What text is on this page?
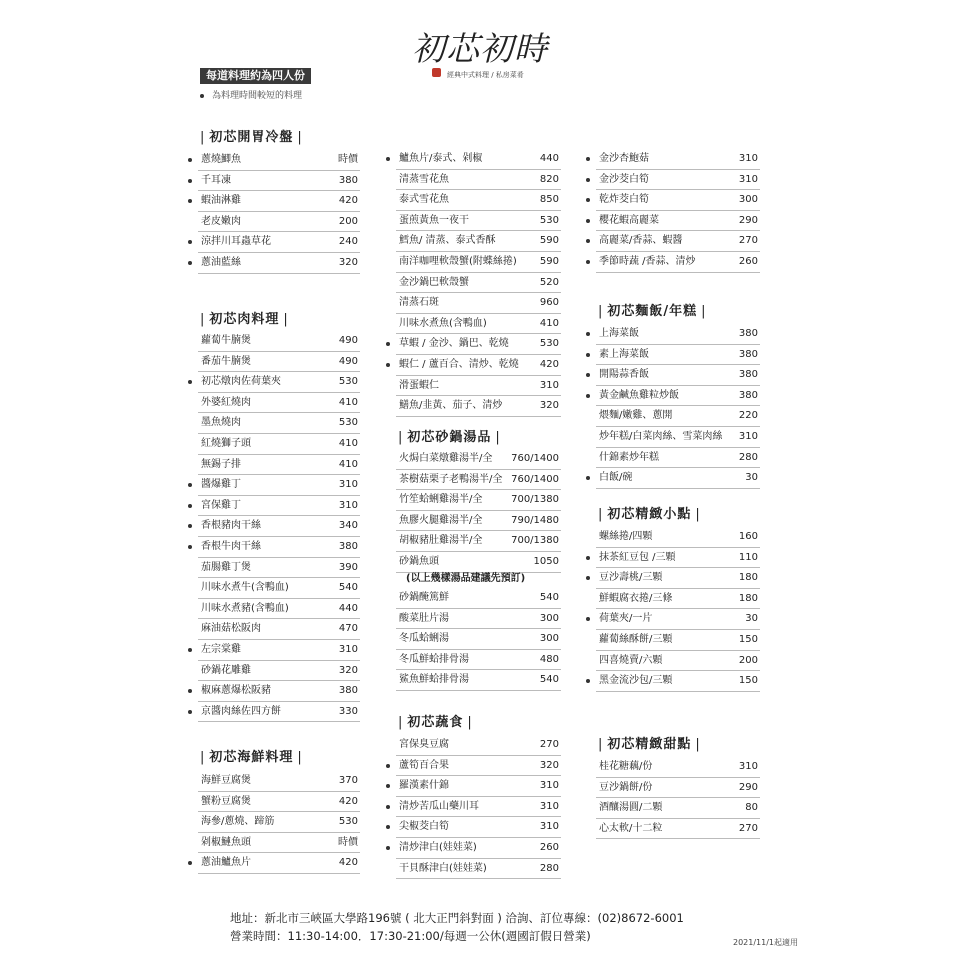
初芯初時
經典中式料理 / 私房菜肴
每道料理約為四人份
為料理時間較短的料理
| 初芯開胃冷盤 |
蔥燒鯽魚	時價
千耳凍	380
蝦油淋雞	420
老皮嫩肉	200
涼拌川耳蟲草花	240
蔥油藍絲	320
| 初芯肉料理 |
蘿蔔牛腩煲	490
番茄牛腩煲	490
初芯燉肉佐荷葉夾	530
外婆紅燒肉	410
墨魚燒肉	530
紅燒獅子頭	410
無錫子排	410
醬爆雞丁	310
宮保雞丁	310
香根豬肉干絲	340
香根牛肉干絲	380
茄腸雞丁煲	390
川味水煮牛(含鴨血)	540
川味水煮豬(含鴨血)	440
麻油菇松阪肉	470
左宗棠雞	310
砂鍋花雕雞	320
椒麻蔥爆松阪豬	380
京醬肉絲佐四方餅	330
| 初芯海鮮料理 |
海鮮豆腐煲	370
蟹粉豆腐煲	420
海參/蔥燒、蹄筋	530
剁椒鰱魚頭	時價
蔥油鱸魚片	420
鱸魚片/泰式、剁椒	440
清蒸雪花魚	820
泰式雪花魚	850
蛋煎黃魚一夜干	530
鱈魚/ 清蒸、泰式香酥	590
南洋咖哩軟殼蟹(附蝶絲捲) 590
金沙鍋巴軟殼蟹	520
清蒸石斑	960
川味水煮魚(含鴨血)	410
草蝦 / 金沙、鍋巴、乾燒	530
蝦仁 / 蘆百合、清炒、乾燒 420
滑蛋蝦仁	310
鱔魚/韭黃、茄子、清炒	320
| 初芯砂鍋湯品 |
火焗白菜燉雞湯半/全 760/1400
茶樹菇栗子老鴨湯半/全 760/1400
竹笙蛤蜊雞湯半/全	700/1380
魚膠火腿雞湯半/全	790/1480
胡椒豬肚雞湯半/全	700/1380
砂鍋魚頭	1050
(以上幾樣湯品建議先預訂)
砂鍋醃篤鮮	540
酸菜肚片湯	300
冬瓜蛤蜊湯	300
冬瓜鮮蛤排骨湯	480
鯊魚鮮蛤排骨湯	540
| 初芯蔬食 |
宮保臭豆腐	270
蘆筍百合果	320
羅漢素什錦	310
清炒苦瓜山藥川耳	310
尖椒茭白筍	310
清炒津白(娃娃菜)	260
干貝酥津白(娃娃菜)	280
金沙杏鮑菇	310
金沙茭白筍	310
乾炸茭白筍	300
櫻花蝦高麗菜	290
高麗菜/香蒜、蝦醬	270
季節時蔬 /香蒜、清炒	260
| 初芯麵飯/年糕 |
上海菜飯	380
素上海菜飯	380
開陽蒜香飯	380
黃金鹹魚雞粒炒飯	380
煨麵/嫩雞、蔥開	220
炒年糕/白菜肉絲、雪菜肉絲 310
什錦素炒年糕	280
白飯/碗	30
| 初芯精緻小點 |
螺絲捲/四顆	160
抹茶紅豆包 /三顆	110
豆沙壽桃/三顆	180
鮮蝦腐衣捲/三條	180
荷葉夾/一片	30
蘿蔔絲酥餅/三顆	150
四喜燒賣/六顆	200
黑金流沙包/三顆	150
| 初芯精緻甜點 |
桂花糖藕/份	310
豆沙鍋餅/份	290
酒釀湯圓/二顆	80
心太軟/十二粒	270
地址：新北市三峽區大學路196號 ( 北大正門斜對面 ) 洽詢、訂位專線：(02)8672-6001
營業時間：11:30-14:00．17:30-21:00/每週一公休(週國訂假日營業)	2021/11/1起適用
